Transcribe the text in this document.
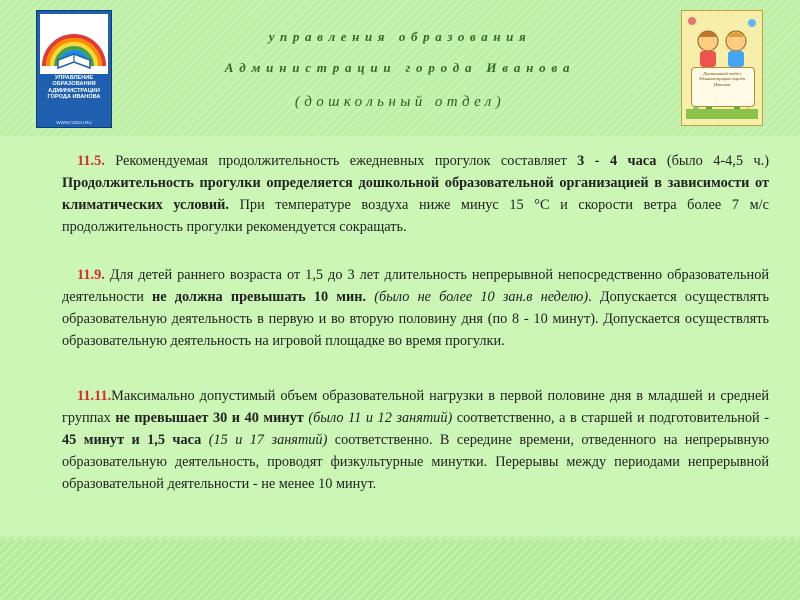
УПРАВЛЕНИЕ ОБРАЗОВАНИЯ АДМИНИСТРАЦИИ ГОРОДА ИВАНОВА
WWW.IVEDU.RU
управления образования
Администрации города Иванова
(дошкольный отдел)
Дошкольный отдел Администрации города Иванова

11.5. Рекомендуемая продолжительность ежедневных прогулок составляет 3 - 4 часа (было 4-4,5 ч.) Продолжительность прогулки определяется дошкольной образовательной организацией в зависимости от климатических условий. При температуре воздуха ниже минус 15 °С и скорости ветра более 7 м/с продолжительность прогулки рекомендуется сокращать.

11.9. Для детей раннего возраста от 1,5 до 3 лет длительность непрерывной непосредственно образовательной деятельности не должна превышать 10 мин. (было не более 10 зан.в неделю). Допускается осуществлять образовательную деятельность в первую и во вторую половину дня (по 8 - 10 минут). Допускается осуществлять образовательную деятельность на игровой площадке во время прогулки.

11.11.Максимально допустимый объем образовательной нагрузки в первой половине дня в младшей и средней группах не превышает 30 и 40 минут (было 11 и 12 занятий) соответственно, а в старшей и подготовительной - 45 минут и 1,5 часа (15 и 17 занятий) соответственно. В середине времени, отведенного на непрерывную образовательную деятельность, проводят физкультурные минутки. Перерывы между периодами непрерывной образовательной деятельности - не менее 10 минут.
